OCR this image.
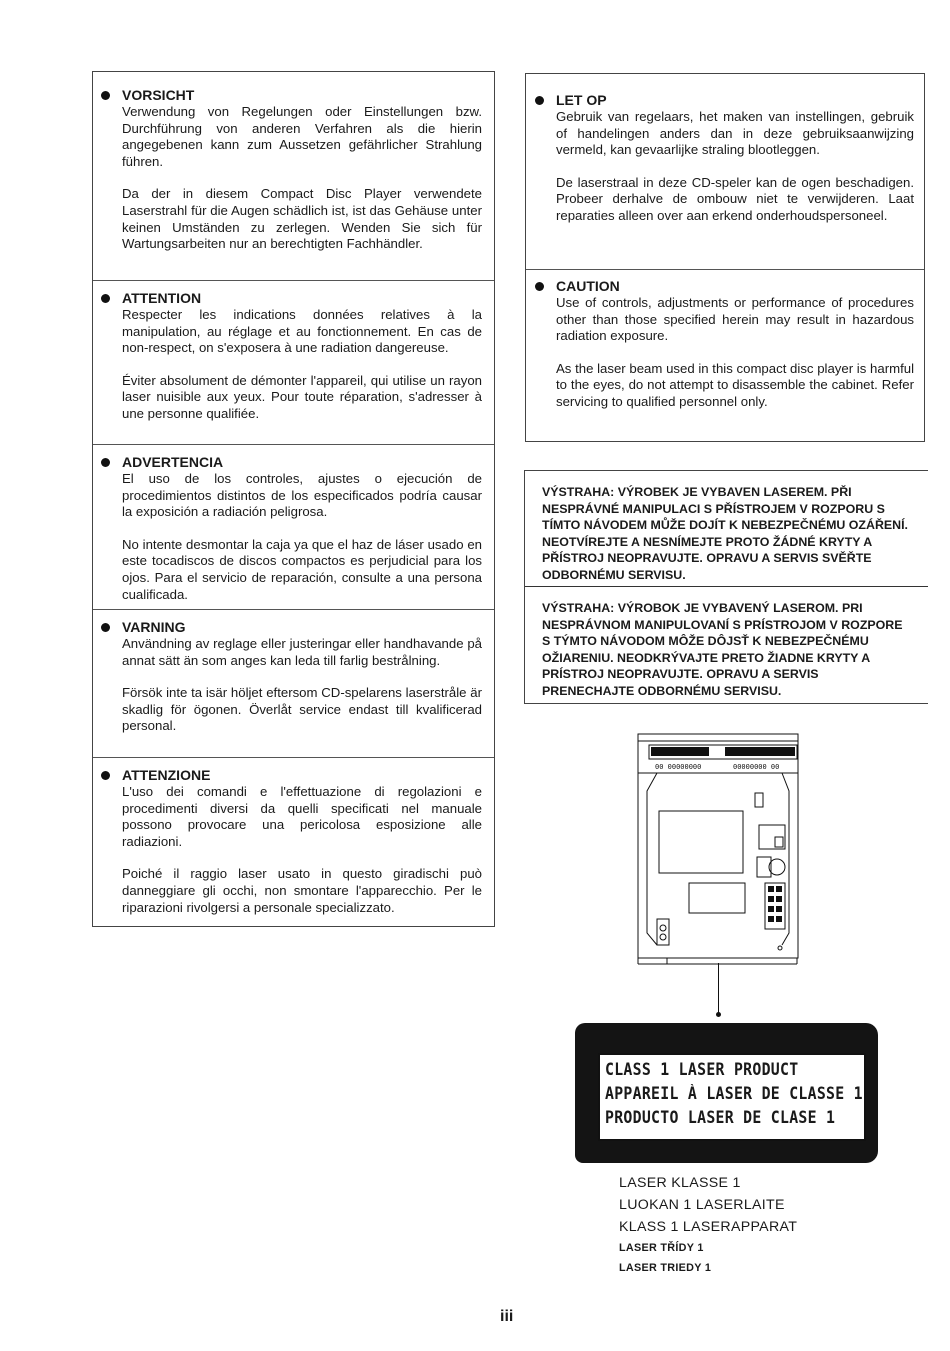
VORSICHT

Verwendung von Regelungen oder Einstellungen bzw. Durchführung von anderen Verfahren als die hierin angegebenen kann zum Aussetzen gefährlicher Strahlung führen.

Da der in diesem Compact Disc Player verwendete Laserstrahl für die Augen schädlich ist, ist das Gehäuse unter keinen Umständen zu zerlegen. Wenden Sie sich für Wartungsarbeiten nur an berechtigten Fachhändler.

ATTENTION

Respecter les indications données relatives à la manipulation, au réglage et au fonctionnement. En cas de non-respect, on s'exposera à une radiation dangereuse.

Éviter absolument de démonter l'appareil, qui utilise un rayon laser nuisible aux yeux. Pour toute réparation, s'adresser à une personne qualifiée.

ADVERTENCIA

El uso de los controles, ajustes o ejecución de procedimientos distintos de los especificados podría causar la exposición a radiación peligrosa.

No intente desmontar la caja ya que el haz de láser usado en este tocadiscos de discos compactos es perjudicial para los ojos. Para el servicio de reparación, consulte a una persona cualificada.

VARNING

Användning av reglage eller justeringar eller handhavande på annat sätt än som anges kan leda till farlig bestrålning.

Försök inte ta isär höljet eftersom CD-spelarens laserstråle är skadlig för ögonen. Överlåt service endast till kvalificerad personal.

ATTENZIONE

L'uso dei comandi e l'effettuazione di regolazioni e procedimenti diversi da quelli specificati nel manuale possono provocare una pericolosa esposizione alle radiazioni.

Poiché il raggio laser usato in questo giradischi può danneggiare gli occhi, non smontare l'apparecchio. Per le riparazioni rivolgersi a personale specializzato.

LET OP

Gebruik van regelaars, het maken van instellingen, gebruik of handelingen anders dan in deze gebruiksaanwijzing vermeld, kan gevaarlijke straling blootleggen.

De laserstraal in deze CD-speler kan de ogen beschadigen. Probeer derhalve de ombouw niet te verwijderen. Laat reparaties alleen over aan erkend onderhoudspersoneel.

CAUTION

Use of controls, adjustments or performance of procedures other than those specified herein may result in hazardous radiation exposure.

As the laser beam used in this compact disc player is harmful to the eyes, do not attempt to disassemble the cabinet. Refer servicing to qualified personnel only.

VÝSTRAHA: VÝROBEK JE VYBAVEN LASEREM. PŘI NESPRÁVNÉ MANIPULACI S PŘÍSTROJEM V ROZPORU S TÍMTO NÁVODEM MŮŽE DOJÍT K NEBEZPEČNÉMU OZÁŘENÍ. NEOTVÍREJTE A NESNÍMEJTE PROTO ŽÁDNÉ KRYTY A PŘÍSTROJ NEOPRAVUJTE. OPRAVU A SERVIS SVĚŘTE ODBORNÉMU SERVISU.

VÝSTRAHA: VÝROBOK JE VYBAVENÝ LASEROM. PRI NESPRÁVNOM MANIPULOVANÍ S PRÍSTROJOM V ROZPORE S TÝMTO NÁVODOM MÔŽE DÔJSŤ K NEBEZPEČNÉMU OŽIARENIU. NEODKRÝVAJTE PRETO ŽIADNE KRYTY A PRÍSTROJ NEOPRAVUJTE. OPRAVU A SERVIS PRENECHAJTE ODBORNÉMU SERVISU.

00 00000000	00000000 00

CLASS 1 LASER PRODUCT

APPAREIL À LASER DE CLASSE 1

PRODUCTO LASER DE CLASE 1

LASER KLASSE 1

LUOKAN 1 LASERLAITE

KLASS 1 LASERAPPARAT

LASER TŘÍDY 1

LASER TRIEDY 1

iii
